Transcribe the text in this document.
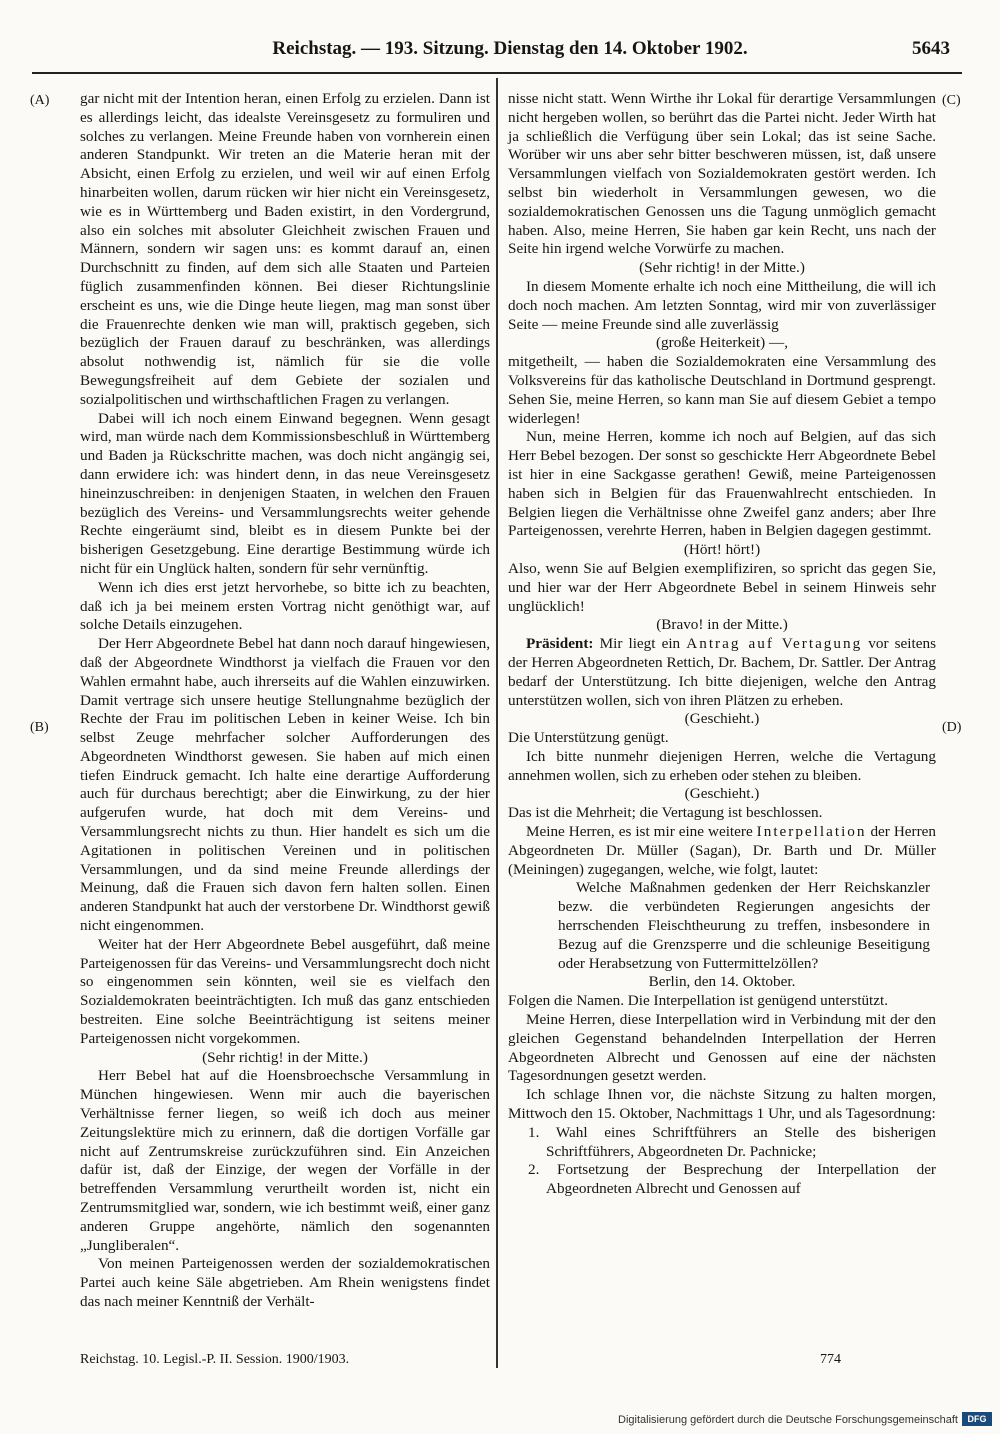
Reichstag. — 193. Sitzung. Dienstag den 14. Oktober 1902.	5643
(A)
(B)
(C)
(D)

gar nicht mit der Intention heran, einen Erfolg zu erzielen. Dann ist es allerdings leicht, das idealste Vereinsgesetz zu formuliren und solches zu verlangen. Meine Freunde haben von vornherein einen anderen Standpunkt. Wir treten an die Materie heran mit der Absicht, einen Erfolg zu erzielen, und weil wir auf einen Erfolg hinarbeiten wollen, darum rücken wir hier nicht ein Vereinsgesetz, wie es in Württemberg und Baden existirt, in den Vordergrund, also ein solches mit absoluter Gleichheit zwischen Frauen und Männern, sondern wir sagen uns: es kommt darauf an, einen Durchschnitt zu finden, auf dem sich alle Staaten und Parteien füglich zusammenfinden können. Bei dieser Richtungslinie erscheint es uns, wie die Dinge heute liegen, mag man sonst über die Frauenrechte denken wie man will, praktisch gegeben, sich bezüglich der Frauen darauf zu beschränken, was allerdings absolut nothwendig ist, nämlich für sie die volle Bewegungsfreiheit auf dem Gebiete der sozialen und sozialpolitischen und wirthschaftlichen Fragen zu verlangen.

Dabei will ich noch einem Einwand begegnen. Wenn gesagt wird, man würde nach dem Kommissionsbeschluß in Württemberg und Baden ja Rückschritte machen, was doch nicht angängig sei, dann erwidere ich: was hindert denn, in das neue Vereinsgesetz hineinzuschreiben: in denjenigen Staaten, in welchen den Frauen bezüglich des Vereins- und Versammlungsrechts weiter gehende Rechte eingeräumt sind, bleibt es in diesem Punkte bei der bisherigen Gesetzgebung. Eine derartige Bestimmung würde ich nicht für ein Unglück halten, sondern für sehr vernünftig.

Wenn ich dies erst jetzt hervorhebe, so bitte ich zu beachten, daß ich ja bei meinem ersten Vortrag nicht genöthigt war, auf solche Details einzugehen.

Der Herr Abgeordnete Bebel hat dann noch darauf hingewiesen, daß der Abgeordnete Windthorst ja vielfach die Frauen vor den Wahlen ermahnt habe, auch ihrerseits auf die Wahlen einzuwirken. Damit vertrage sich unsere heutige Stellungnahme bezüglich der Rechte der Frau im politischen Leben in keiner Weise. Ich bin selbst Zeuge mehrfacher solcher Aufforderungen des Abgeordneten Windthorst gewesen. Sie haben auf mich einen tiefen Eindruck gemacht. Ich halte eine derartige Aufforderung auch für durchaus berechtigt; aber die Einwirkung, zu der hier aufgerufen wurde, hat doch mit dem Vereins- und Versammlungsrecht nichts zu thun. Hier handelt es sich um die Agitationen in politischen Vereinen und in politischen Versammlungen, und da sind meine Freunde allerdings der Meinung, daß die Frauen sich davon fern halten sollen. Einen anderen Standpunkt hat auch der verstorbene Dr. Windthorst gewiß nicht eingenommen.

Weiter hat der Herr Abgeordnete Bebel ausgeführt, daß meine Parteigenossen für das Vereins- und Versammlungsrecht doch nicht so eingenommen sein könnten, weil sie es vielfach den Sozialdemokraten beeinträchtigten. Ich muß das ganz entschieden bestreiten. Eine solche Beeinträchtigung ist seitens meiner Parteigenossen nicht vorgekommen.

(Sehr richtig! in der Mitte.)

Herr Bebel hat auf die Hoensbroechsche Versammlung in München hingewiesen. Wenn mir auch die bayerischen Verhältnisse ferner liegen, so weiß ich doch aus meiner Zeitungslektüre mich zu erinnern, daß die dortigen Vorfälle gar nicht auf Zentrumskreise zurückzuführen sind. Ein Anzeichen dafür ist, daß der Einzige, der wegen der Vorfälle in der betreffenden Versammlung verurtheilt worden ist, nicht ein Zentrumsmitglied war, sondern, wie ich bestimmt weiß, einer ganz anderen Gruppe angehörte, nämlich den sogenannten „Jungliberalen“.

Von meinen Parteigenossen werden der sozialdemokratischen Partei auch keine Säle abgetrieben. Am Rhein wenigstens findet das nach meiner Kenntniß der Verhält-

nisse nicht statt. Wenn Wirthe ihr Lokal für derartige Versammlungen nicht hergeben wollen, so berührt das die Partei nicht. Jeder Wirth hat ja schließlich die Verfügung über sein Lokal; das ist seine Sache. Worüber wir uns aber sehr bitter beschweren müssen, ist, daß unsere Versammlungen vielfach von Sozialdemokraten gestört werden. Ich selbst bin wiederholt in Versammlungen gewesen, wo die sozialdemokratischen Genossen uns die Tagung unmöglich gemacht haben. Also, meine Herren, Sie haben gar kein Recht, uns nach der Seite hin irgend welche Vorwürfe zu machen.

(Sehr richtig! in der Mitte.)

In diesem Momente erhalte ich noch eine Mittheilung, die will ich doch noch machen. Am letzten Sonntag, wird mir von zuverlässiger Seite — meine Freunde sind alle zuverlässig

(große Heiterkeit) —,

mitgetheilt, — haben die Sozialdemokraten eine Versammlung des Volksvereins für das katholische Deutschland in Dortmund gesprengt. Sehen Sie, meine Herren, so kann man Sie auf diesem Gebiet a tempo widerlegen!

Nun, meine Herren, komme ich noch auf Belgien, auf das sich Herr Bebel bezogen. Der sonst so geschickte Herr Abgeordnete Bebel ist hier in eine Sackgasse gerathen! Gewiß, meine Parteigenossen haben sich in Belgien für das Frauenwahlrecht entschieden. In Belgien liegen die Verhältnisse ohne Zweifel ganz anders; aber Ihre Parteigenossen, verehrte Herren, haben in Belgien dagegen gestimmt.

(Hört! hört!)

Also, wenn Sie auf Belgien exemplifiziren, so spricht das gegen Sie, und hier war der Herr Abgeordnete Bebel in seinem Hinweis sehr unglücklich!

(Bravo! in der Mitte.)

Präsident: Mir liegt ein Antrag auf Vertagung vor seitens der Herren Abgeordneten Rettich, Dr. Bachem, Dr. Sattler. Der Antrag bedarf der Unterstützung. Ich bitte diejenigen, welche den Antrag unterstützen wollen, sich von ihren Plätzen zu erheben.

(Geschieht.)

Die Unterstützung genügt.

Ich bitte nunmehr diejenigen Herren, welche die Vertagung annehmen wollen, sich zu erheben oder stehen zu bleiben.

(Geschieht.)

Das ist die Mehrheit; die Vertagung ist beschlossen.

Meine Herren, es ist mir eine weitere Interpellation der Herren Abgeordneten Dr. Müller (Sagan), Dr. Barth und Dr. Müller (Meiningen) zugegangen, welche, wie folgt, lautet:

Welche Maßnahmen gedenken der Herr Reichskanzler bezw. die verbündeten Regierungen angesichts der herrschenden Fleischtheurung zu treffen, insbesondere in Bezug auf die Grenzsperre und die schleunige Beseitigung oder Herabsetzung von Futtermittelzöllen?

Berlin, den 14. Oktober.

Folgen die Namen. Die Interpellation ist genügend unterstützt.

Meine Herren, diese Interpellation wird in Verbindung mit der den gleichen Gegenstand behandelnden Interpellation der Herren Abgeordneten Albrecht und Genossen auf eine der nächsten Tagesordnungen gesetzt werden.

Ich schlage Ihnen vor, die nächste Sitzung zu halten morgen, Mittwoch den 15. Oktober, Nachmittags 1 Uhr, und als Tagesordnung:

1. Wahl eines Schriftführers an Stelle des bisherigen Schriftführers, Abgeordneten Dr. Pachnicke;

2. Fortsetzung der Besprechung der Interpellation der Abgeordneten Albrecht und Genossen auf

Reichstag. 10. Legisl.-P. II. Session. 1900/1903.	774
Digitalisierung gefördert durch die Deutsche Forschungsgemeinschaft	DFG
